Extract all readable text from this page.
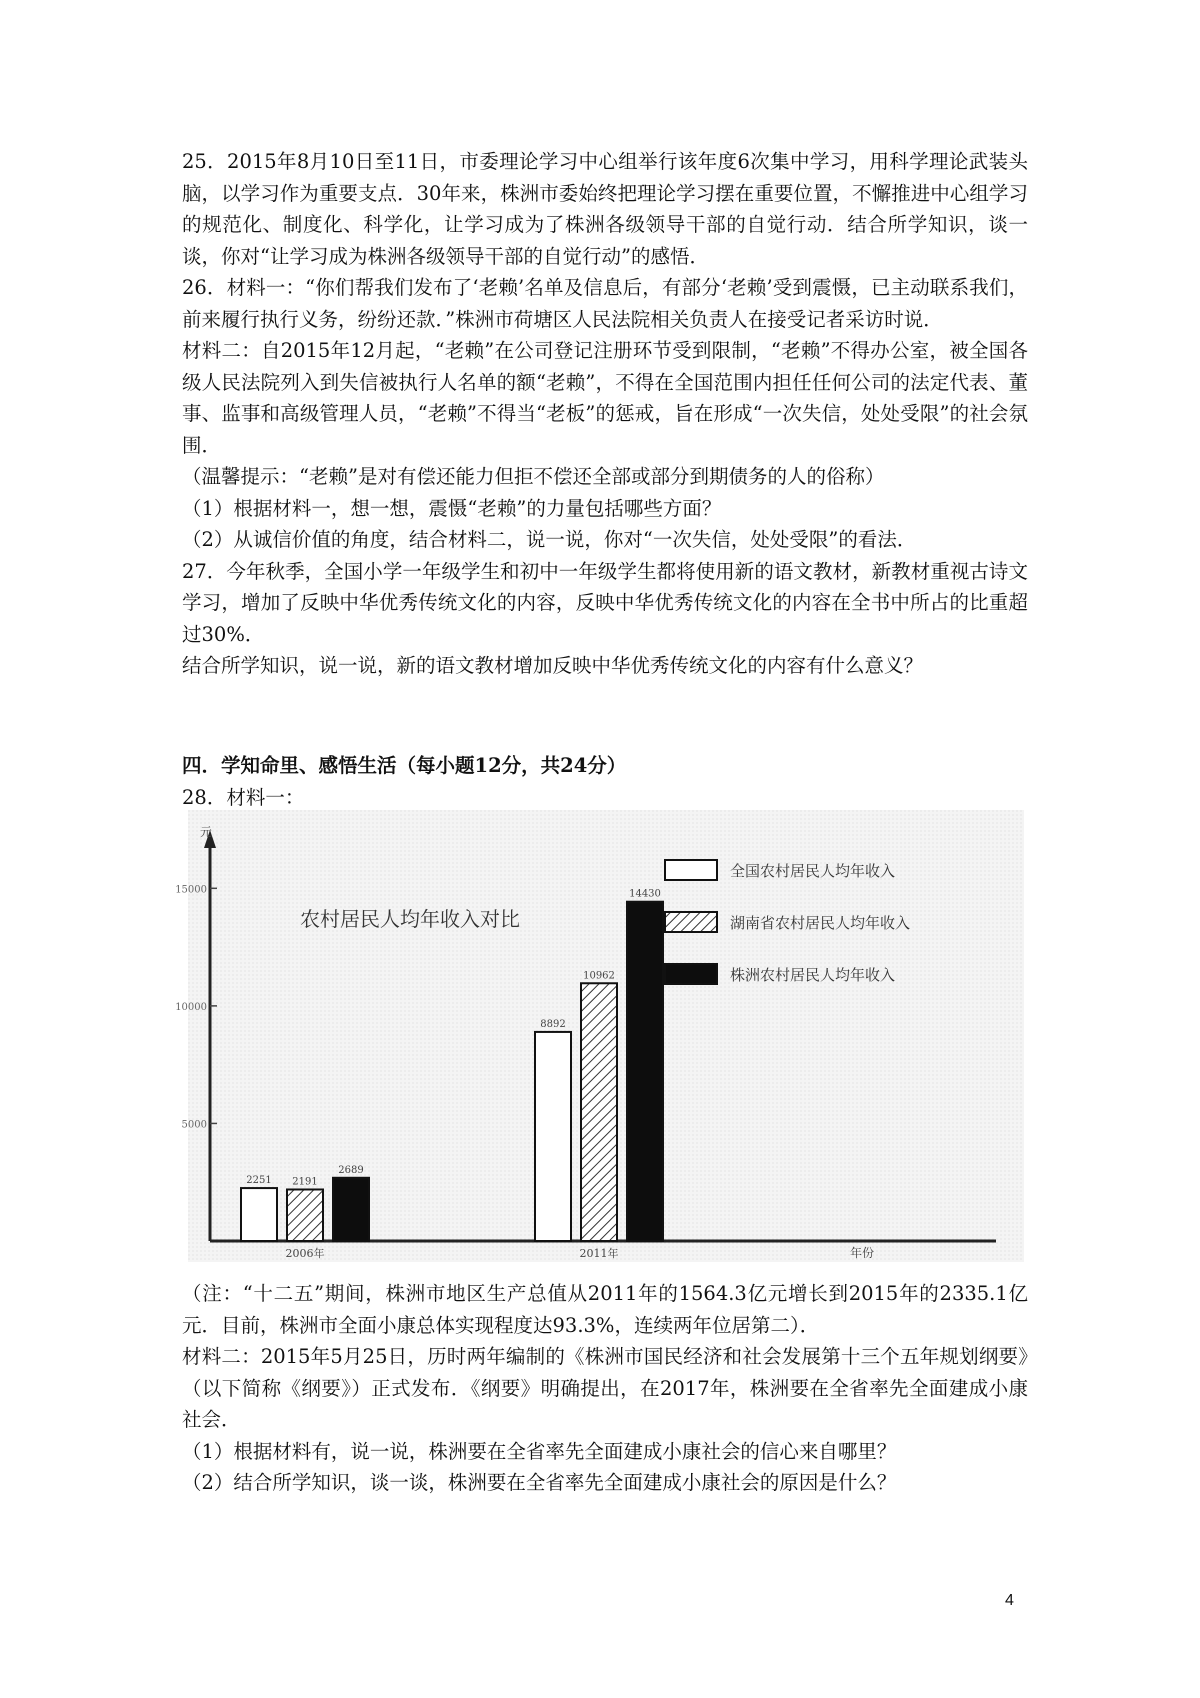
25．2015年8月10日至11日，市委理论学习中心组举行该年度6次集中学习，用科学理论武装头脑，以学习作为重要支点．30年来，株洲市委始终把理论学习摆在重要位置，不懈推进中心组学习的规范化、制度化、科学化，让学习成为了株洲各级领导干部的自觉行动．结合所学知识，谈一谈，你对“让学习成为株洲各级领导干部的自觉行动”的感悟．

26．材料一：“你们帮我们发布了‘老赖’名单及信息后，有部分‘老赖’受到震慑，已主动联系我们，前来履行执行义务，纷纷还款．”株洲市荷塘区人民法院相关负责人在接受记者采访时说．

材料二：自2015年12月起，“老赖”在公司登记注册环节受到限制，“老赖”不得办公室，被全国各级人民法院列入到失信被执行人名单的额“老赖”，不得在全国范围内担任任何公司的法定代表、董事、监事和高级管理人员，“老赖”不得当“老板”的惩戒，旨在形成“一次失信，处处受限”的社会氛围．

（温馨提示：“老赖”是对有偿还能力但拒不偿还全部或部分到期债务的人的俗称）

（1）根据材料一，想一想，震慑“老赖”的力量包括哪些方面？

（2）从诚信价值的角度，结合材料二，说一说，你对“一次失信，处处受限”的看法．

27．今年秋季，全国小学一年级学生和初中一年级学生都将使用新的语文教材，新教材重视古诗文学习，增加了反映中华优秀传统文化的内容，反映中华优秀传统文化的内容在全书中所占的比重超过30%．

结合所学知识，说一说，新的语文教材增加反映中华优秀传统文化的内容有什么意义？

四．学知命里、感悟生活（每小题12分，共24分）
28．材料一：
元
年份
农村居民人均年收入对比
5000
10000
15000
2251 2191
2689
2006年
8892
10962
14430
2011年
全国农村居民人均年收入
湖南省农村居民人均年收入
株洲农村居民人均年收入

（注：“十二五”期间，株洲市地区生产总值从2011年的1564.3亿元增长到2015年的2335.1亿元．目前，株洲市全面小康总体实现程度达93.3%，连续两年位居第二）．

材料二：2015年5月25日，历时两年编制的《株洲市国民经济和社会发展第十三个五年规划纲要》（以下简称《纲要》）正式发布．《纲要》明确提出，在2017年，株洲要在全省率先全面建成小康社会．

（1）根据材料有，说一说，株洲要在全省率先全面建成小康社会的信心来自哪里？

（2）结合所学知识，谈一谈，株洲要在全省率先全面建成小康社会的原因是什么？

4
